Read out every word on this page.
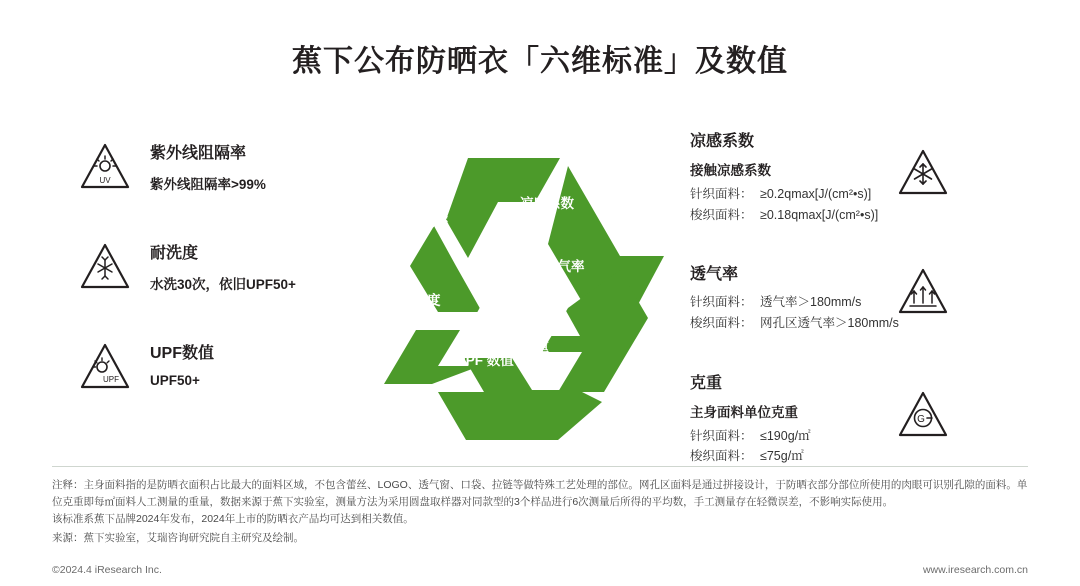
蕉下公布防晒衣「六维标准」及数值
UV
紫外线阻隔率
紫外线阻隔率>99%
耐洗度
水洗30次，依旧UPF50+
UPF
UPF数值
UPF50+
紫外线
阻隔率
凉感系数
透气率
克重
UPF 数值
耐洗度
凉感系数
接触凉感系数
针织面料： ≥0.2qmax[J/(cm²•s)]
梭织面料： ≥0.18qmax[J/(cm²•s)]
透气率
针织面料： 透气率＞180mm/s
梭织面料： 网孔区透气率＞180mm/s
克重
主身面料单位克重
针织面料： ≤190g/㎡
梭织面料： ≤75g/㎡
G

注释：主身面料指的是防晒衣面积占比最大的面料区域，不包含蕾丝、LOGO、透气窗、口袋、拉链等做特殊工艺处理的部位。网孔区面料是通过拼接设计，于防晒衣部分部位所使用的肉眼可识别孔隙的面料。单位克重即每㎡面料人工测量的重量，数据来源于蕉下实验室，测量方法为采用圆盘取样器对同款型的3个样品进行6次测量后所得的平均数，手工测量存在轻微误差，不影响实际使用。

该标准系蕉下品牌2024年发布，2024年上市的防晒衣产品均可达到相关数值。

来源：蕉下实验室，艾瑞咨询研究院自主研究及绘制。

©2024.4 iResearch Inc.	www.iresearch.com.cn
